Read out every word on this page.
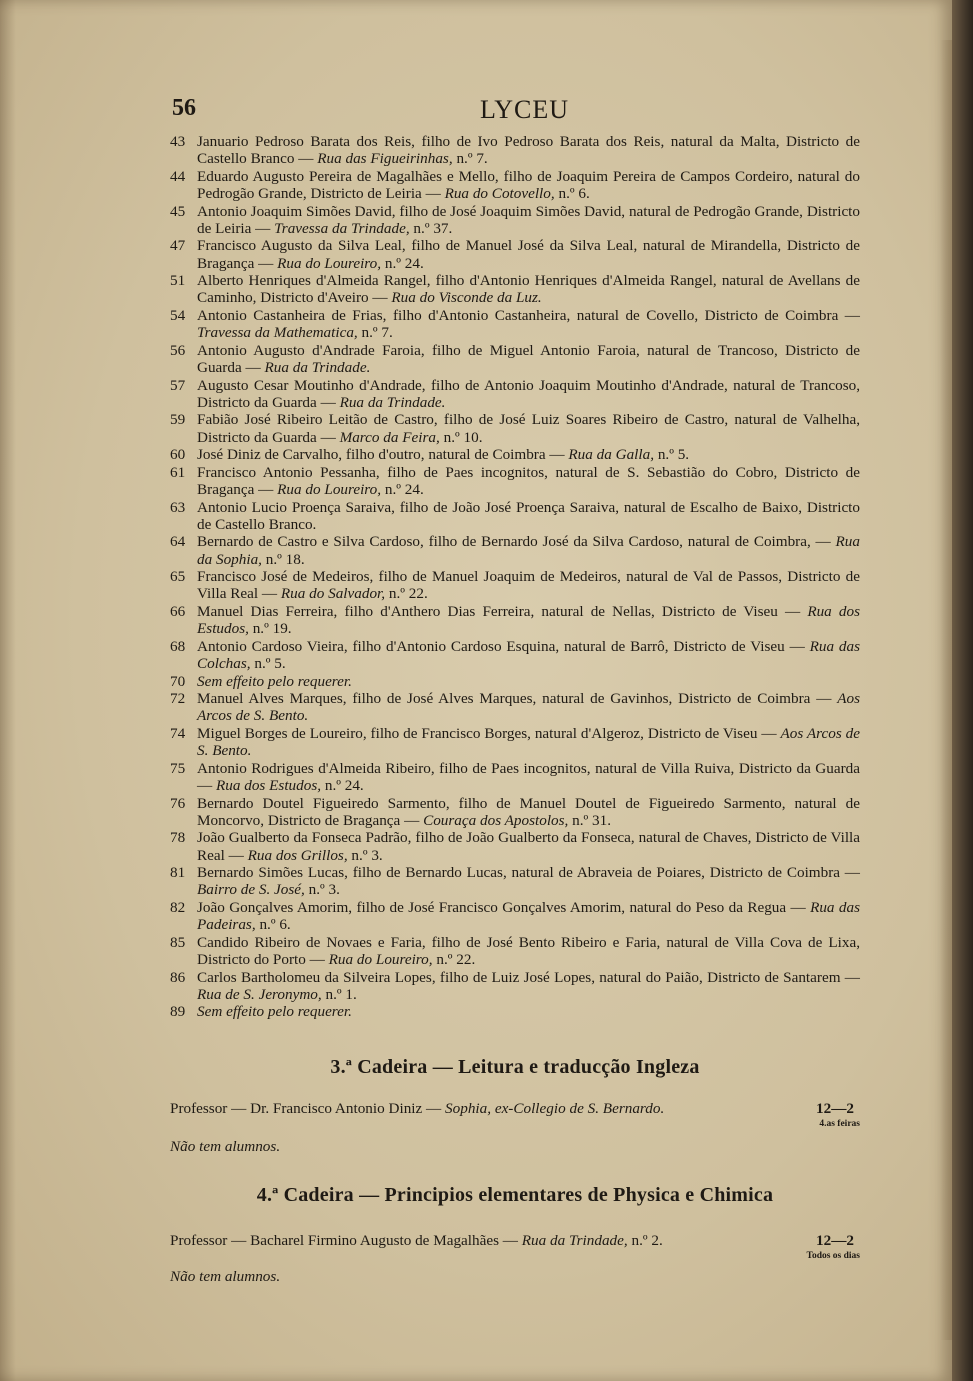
56	LYCEU
43 Januario Pedroso Barata dos Reis, filho de Ivo Pedroso Barata dos Reis, natural da Malta, Districto de Castello Branco — Rua das Figueirinhas, n.º 7.
44 Eduardo Augusto Pereira de Magalhães e Mello, filho de Joaquim Pereira de Campos Cordeiro, natural do Pedrogão Grande, Districto de Leiria — Rua do Cotovello, n.º 6.
45 Antonio Joaquim Simões David, filho de José Joaquim Simões David, natural de Pedrogão Grande, Districto de Leiria — Travessa da Trindade, n.º 37.
47 Francisco Augusto da Silva Leal, filho de Manuel José da Silva Leal, natural de Mirandella, Districto de Bragança — Rua do Loureiro, n.º 24.
51 Alberto Henriques d'Almeida Rangel, filho d'Antonio Henriques d'Almeida Rangel, natural de Avellans de Caminho, Districto d'Aveiro — Rua do Visconde da Luz.
54 Antonio Castanheira de Frias, filho d'Antonio Castanheira, natural de Covello, Districto de Coimbra — Travessa da Mathematica, n.º 7.
56 Antonio Augusto d'Andrade Faroia, filho de Miguel Antonio Faroia, natural de Trancoso, Districto de Guarda — Rua da Trindade.
57 Augusto Cesar Moutinho d'Andrade, filho de Antonio Joaquim Moutinho d'Andrade, natural de Trancoso, Districto da Guarda — Rua da Trindade.
59 Fabião José Ribeiro Leitão de Castro, filho de José Luiz Soares Ribeiro de Castro, natural de Valhelha, Districto da Guarda — Marco da Feira, n.º 10.
60 José Diniz de Carvalho, filho d'outro, natural de Coimbra — Rua da Galla, n.º 5.
61 Francisco Antonio Pessanha, filho de Paes incognitos, natural de S. Sebastião do Cobro, Districto de Bragança — Rua do Loureiro, n.º 24.
63 Antonio Lucio Proença Saraiva, filho de João José Proença Saraiva, natural de Escalho de Baixo, Districto de Castello Branco.
64 Bernardo de Castro e Silva Cardoso, filho de Bernardo José da Silva Cardoso, natural de Coimbra, — Rua da Sophia, n.º 18.
65 Francisco José de Medeiros, filho de Manuel Joaquim de Medeiros, natural de Val de Passos, Districto de Villa Real — Rua do Salvador, n.º 22.
66 Manuel Dias Ferreira, filho d'Anthero Dias Ferreira, natural de Nellas, Districto de Viseu — Rua dos Estudos, n.º 19.
68 Antonio Cardoso Vieira, filho d'Antonio Cardoso Esquina, natural de Barrô, Districto de Viseu — Rua das Colchas, n.º 5.
70 Sem effeito pelo requerer.
72 Manuel Alves Marques, filho de José Alves Marques, natural de Gavinhos, Districto de Coimbra — Aos Arcos de S. Bento.
74 Miguel Borges de Loureiro, filho de Francisco Borges, natural d'Algeroz, Districto de Viseu — Aos Arcos de S. Bento.
75 Antonio Rodrigues d'Almeida Ribeiro, filho de Paes incognitos, natural de Villa Ruiva, Districto da Guarda — Rua dos Estudos, n.º 24.
76 Bernardo Doutel Figueiredo Sarmento, filho de Manuel Doutel de Figueiredo Sarmento, natural de Moncorvo, Districto de Bragança — Couraça dos Apostolos, n.º 31.
78 João Gualberto da Fonseca Padrão, filho de João Gualberto da Fonseca, natural de Chaves, Districto de Villa Real — Rua dos Grillos, n.º 3.
81 Bernardo Simões Lucas, filho de Bernardo Lucas, natural de Abraveia de Poiares, Districto de Coimbra — Bairro de S. José, n.º 3.
82 João Gonçalves Amorim, filho de José Francisco Gonçalves Amorim, natural do Peso da Regua — Rua das Padeiras, n.º 6.
85 Candido Ribeiro de Novaes e Faria, filho de José Bento Ribeiro e Faria, natural de Villa Cova de Lixa, Districto do Porto — Rua do Loureiro, n.º 22.
86 Carlos Bartholomeu da Silveira Lopes, filho de Luiz José Lopes, natural do Paião, Districto de Santarem — Rua de S. Jeronymo, n.º 1.
89 Sem effeito pelo requerer.
3.ª Cadeira — Leitura e traducção Ingleza
Professor — Dr. Francisco Antonio Diniz — Sophia, ex-Collegio de S. Bernardo.	12—2
4.as feiras
Não tem alumnos.
4.ª Cadeira — Principios elementares de Physica e Chimica
Professor — Bacharel Firmino Augusto de Magalhães — Rua da Trindade, n.º 2.	12—2
Todos os dias
Não tem alumnos.
